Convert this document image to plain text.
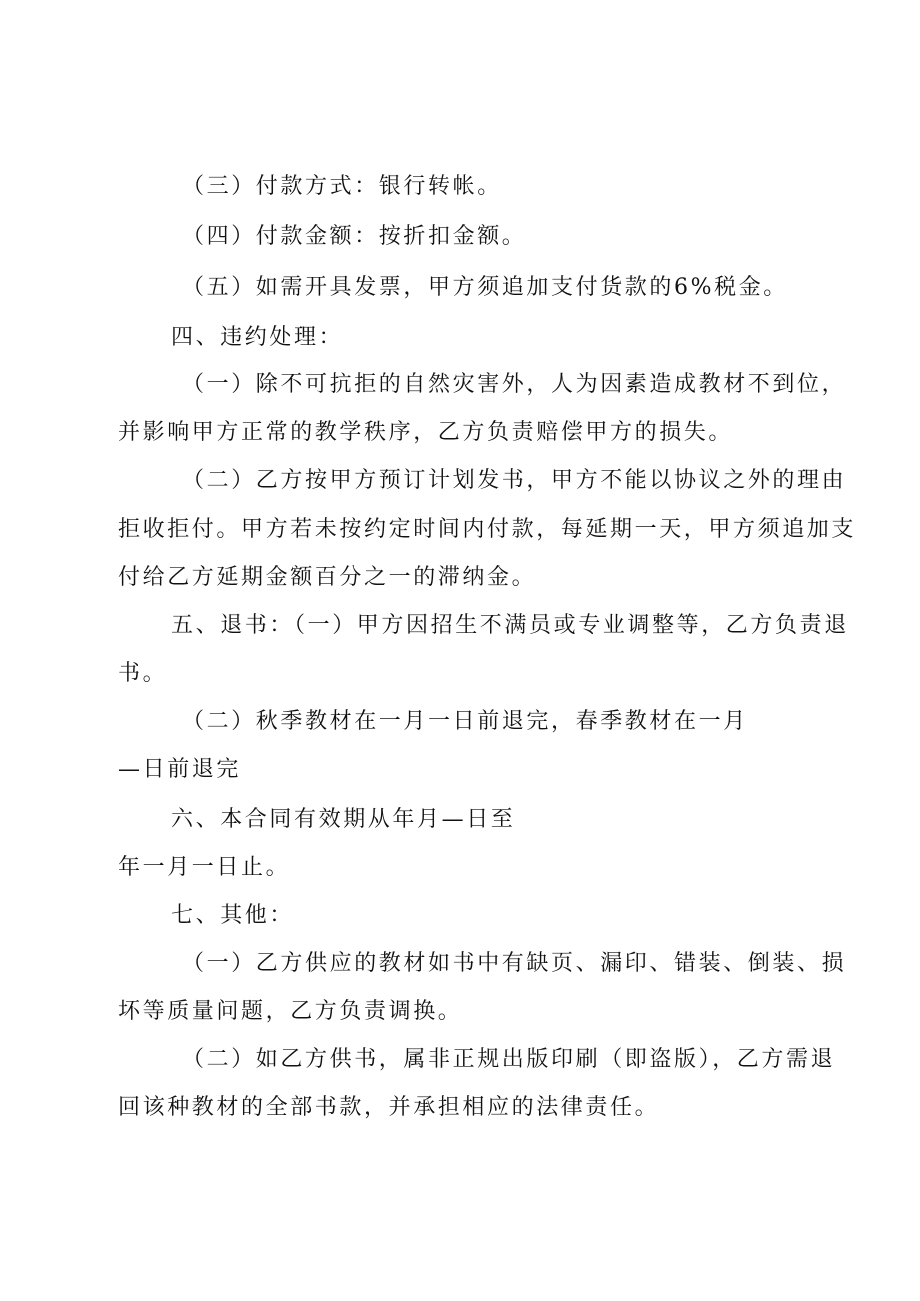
（三）付款方式：银行转帐。

（四）付款金额：按折扣金额。

（五）如需开具发票，甲方须追加支付货款的6%税金。

四、违约处理：

（一）除不可抗拒的自然灾害外，人为因素造成教材不到位，

并影响甲方正常的教学秩序，乙方负责赔偿甲方的损失。

（二）乙方按甲方预订计划发书，甲方不能以协议之外的理由

拒收拒付。甲方若未按约定时间内付款，每延期一天，甲方须追加支

付给乙方延期金额百分之一的滞纳金。

五、退书：（一）甲方因招生不满员或专业调整等，乙方负责退

书。

（二）秋季教材在一月一日前退完，春季教材在一月

—日前退完

六、本合同有效期从年月—日至

年一月一日止。

七、其他：

（一）乙方供应的教材如书中有缺页、漏印、错装、倒装、损

坏等质量问题，乙方负责调换。

（二）如乙方供书，属非正规出版印刷（即盗版），乙方需退

回该种教材的全部书款，并承担相应的法律责任。
